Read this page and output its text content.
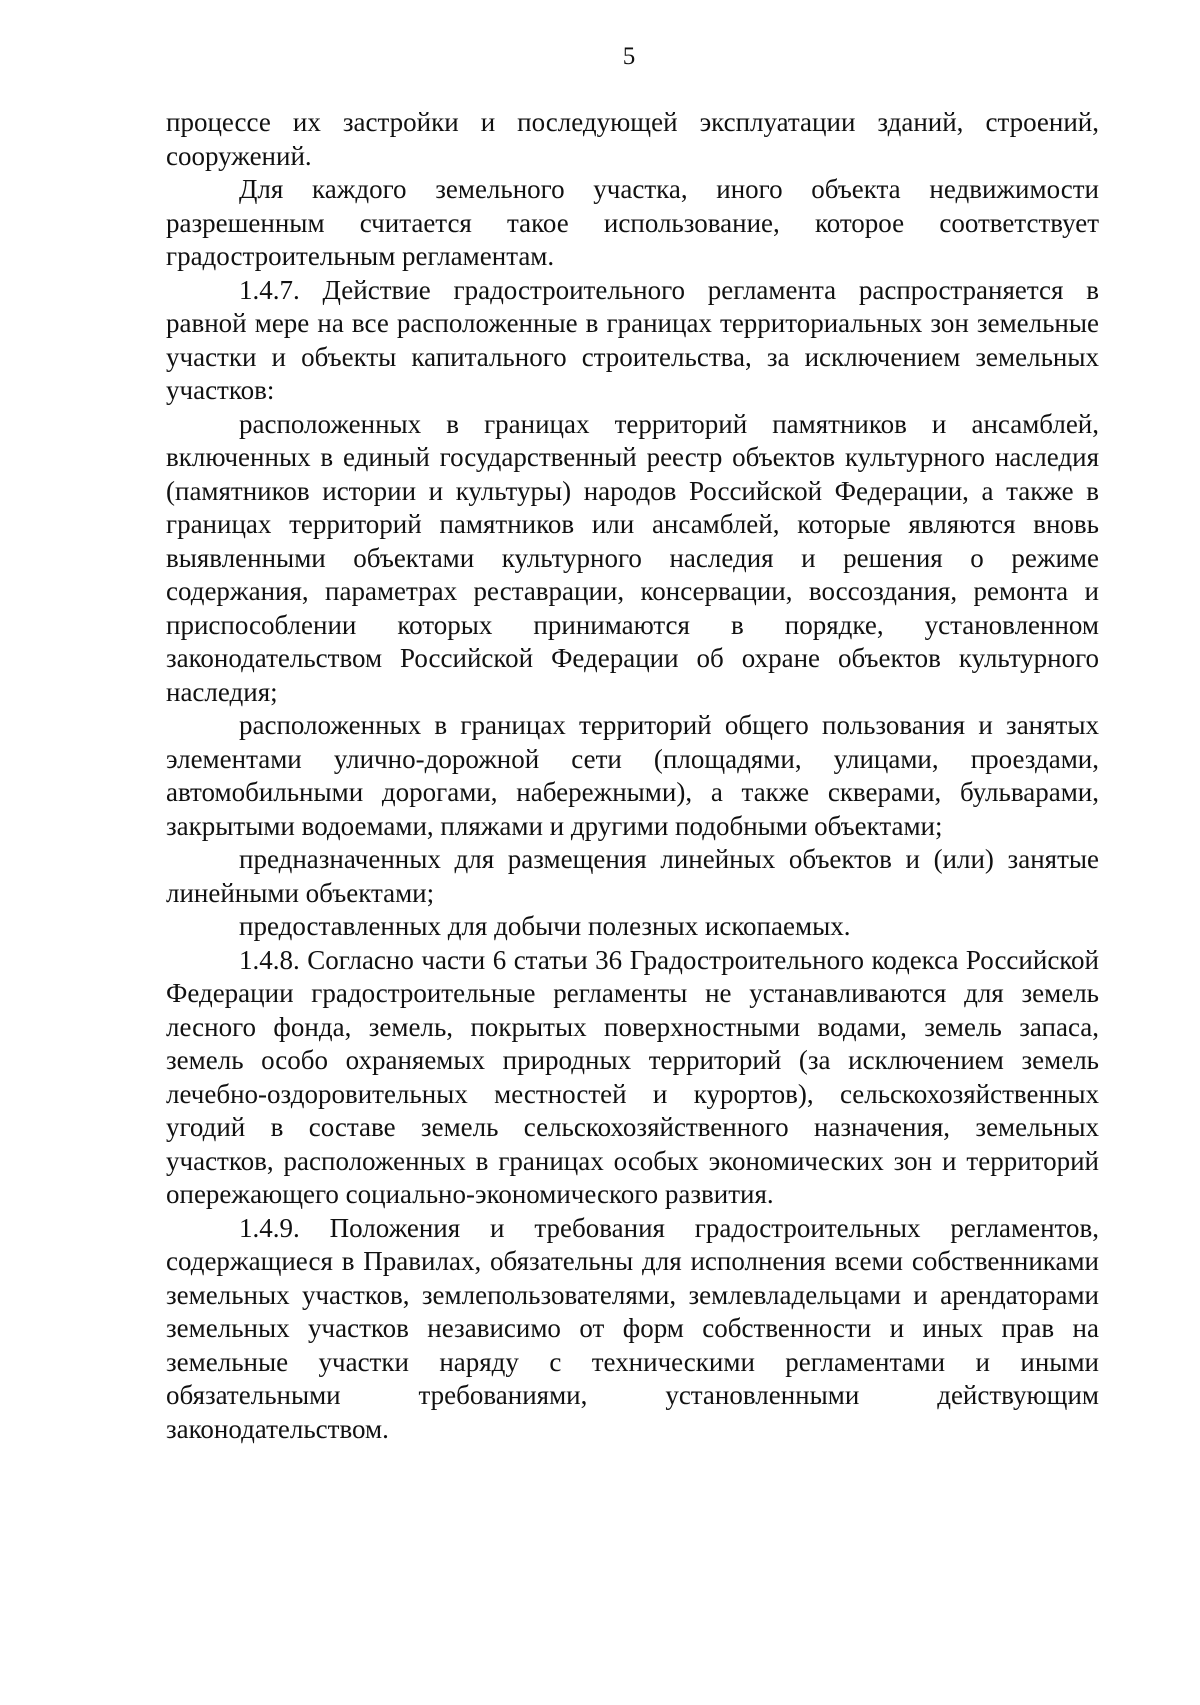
5

процессе их застройки и последующей эксплуатации зданий, строений, сооружений.

Для каждого земельного участка, иного объекта недвижимости разрешенным считается такое использование, которое соответствует градостроительным регламентам.

1.4.7. Действие градостроительного регламента распространяется в равной мере на все расположенные в границах территориальных зон земельные участки и объекты капитального строительства, за исключением земельных участков:

расположенных в границах территорий памятников и ансамблей, включенных в единый государственный реестр объектов культурного наследия (памятников истории и культуры) народов Российской Федерации, а также в границах территорий памятников или ансамблей, которые являются вновь выявленными объектами культурного наследия и решения о режиме содержания, параметрах реставрации, консервации, воссоздания, ремонта и приспособлении которых принимаются в порядке, установленном законодательством Российской Федерации об охране объектов культурного наследия;

расположенных в границах территорий общего пользования и занятых элементами улично-дорожной сети (площадями, улицами, проездами, автомобильными дорогами, набережными), а также скверами, бульварами, закрытыми водоемами, пляжами и другими подобными объектами;

предназначенных для размещения линейных объектов и (или) занятые линейными объектами;

предоставленных для добычи полезных ископаемых.

1.4.8. Согласно части 6 статьи 36 Градостроительного кодекса Российской Федерации градостроительные регламенты не устанавливаются для земель лесного фонда, земель, покрытых поверхностными водами, земель запаса, земель особо охраняемых природных территорий (за исключением земель лечебно-оздоровительных местностей и курортов), сельскохозяйственных угодий в составе земель сельскохозяйственного назначения, земельных участков, расположенных в границах особых экономических зон и территорий опережающего социально-экономического развития.

1.4.9. Положения и требования градостроительных регламентов, содержащиеся в Правилах, обязательны для исполнения всеми собственниками земельных участков, землепользователями, землевладельцами и арендаторами земельных участков независимо от форм собственности и иных прав на земельные участки наряду с техническими регламентами и иными обязательными требованиями, установленными действующим законодательством.
